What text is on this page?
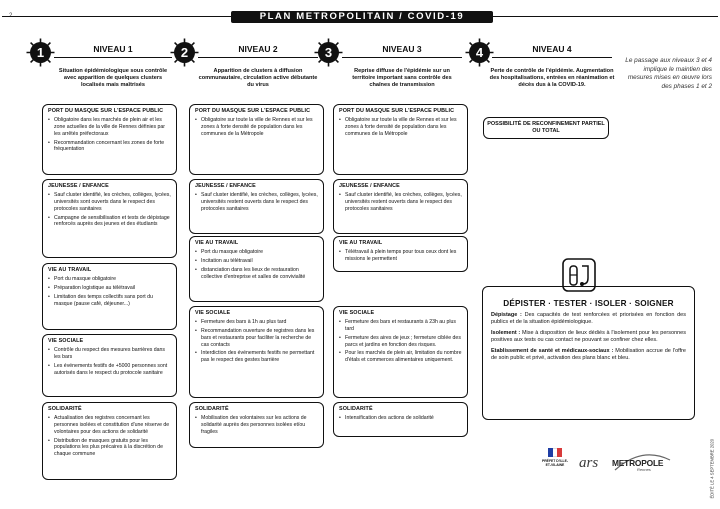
2	PLAN METROPOLITAIN / COVID-19
1	NIVEAU 1
Situation épidémiologique sous contrôle avec apparition de quelques clusters localisés mais maîtrisés
2	NIVEAU 2
Apparition de clusters à diffusion communautaire, circulation active débutante du virus
3	NIVEAU 3
Reprise diffuse de l'épidémie sur un territoire important sans contrôle des chaînes de transmission
4	NIVEAU 4
Perte de contrôle de l'épidémie. Augmentation des hospitalisations, entrées en réanimation et décès dus à la COVID-19.
Le passage aux niveaux 3 et 4 implique le maintien des mesures mises en œuvre lors des phases 1 et 2
PORT DU MASQUE SUR L'ESPACE PUBLIC
• Obligatoire dans les marchés de plein air et les zone actuelles de la ville de Rennes définies par les arrêtés préfectoraux
• Recommandation concernant les zones de forte fréquentation
JEUNESSE / ENFANCE
• Sauf cluster identifié, les crèches, collèges, lycées, universités sont ouverts dans le respect des protocoles sanitaires
• Campagne de sensibilisation et tests de dépistage renforcés auprès des jeunes et des étudiants
VIE AU TRAVAIL
• Port du masque obligatoire
• Préparation logistique au télétravail
• Limitation des temps collectifs sans port du masque (pause café, déjeuner...)
VIE SOCIALE
• Contrôle du respect des mesures barrières dans les bars
• Les événements festifs de +5000 personnes sont autorisés dans le respect du protocole sanitaire
SOLIDARITÉ
• Actualisation des registres concernant les personnes isolées et constitution d'une réserve de volontaires pour des actions de solidarité
• Distribution de masques gratuits pour les populations les plus précaires à la discrétion de chaque commune
PORT DU MASQUE SUR L'ESPACE PUBLIC
• Obligatoire sur toute la ville de Rennes et sur les zones à forte densité de population dans les communes de la Métropole
JEUNESSE / ENFANCE
• Sauf cluster identifié, les crèches, collèges, lycées, universités restent ouverts dans le respect des protocoles sanitaires
VIE AU TRAVAIL
• Port du masque obligatoire
• Incitation au télétravail
• distanciation dans les lieux de restauration collective d'entreprise et salles de convivialité
VIE SOCIALE
• Fermeture des bars à 1h au plus tard
• Recommandation ouverture de registres dans les bars et restaurants pour faciliter la recherche de cas contacts
• Interdiction des événements festifs ne permettant pas le respect des gestes barrière
SOLIDARITÉ
• Mobilisation des volontaires sur les actions de solidarité auprès des personnes isolées et/ou fragiles
PORT DU MASQUE SUR L'ESPACE PUBLIC
• Obligatoire sur toute la ville de Rennes et sur les zones à forte densité de population dans les communes de la Métropole
JEUNESSE / ENFANCE
• Sauf cluster identifié, les crèches, collèges, lycées, universités restent ouverts dans le respect des protocoles sanitaires
VIE AU TRAVAIL
• Télétravail à plein temps pour tous ceux dont les missions le permettent
VIE SOCIALE
• Fermeture des bars et restaurants à 23h au plus tard
• Fermeture des aires de jeux ; fermeture ciblée des parcs et jardins en fonction des risques.
• Pour les marchés de plein air, limitation du nombre d'étals et commerces alimentaires uniquement.
SOLIDARITÉ
• Intensification des actions de solidarité
POSSIBILITÉ DE RECONFINEMENT PARTIEL OU TOTAL
DÉPISTER · TESTER · ISOLER · SOIGNER

Dépistage : Des capacités de test renforcées et priorisées en fonction des publics et de la situation épidémiologique.

Isolement : Mise à disposition de lieux dédiés à l'isolement pour les personnes positives aux tests ou cas contact ne pouvant se confiner chez elles.

Etablissement de santé et médicaux-sociaux : Mobilisation accrue de l'offre de soin public et privé, activation des plans blanc et bleu.

PRÉFET D'ILLE-ET-VILAINE ars METROPOLE
Rennes	ÉDITÉ LE 4 SEPTEMBRE 2020
